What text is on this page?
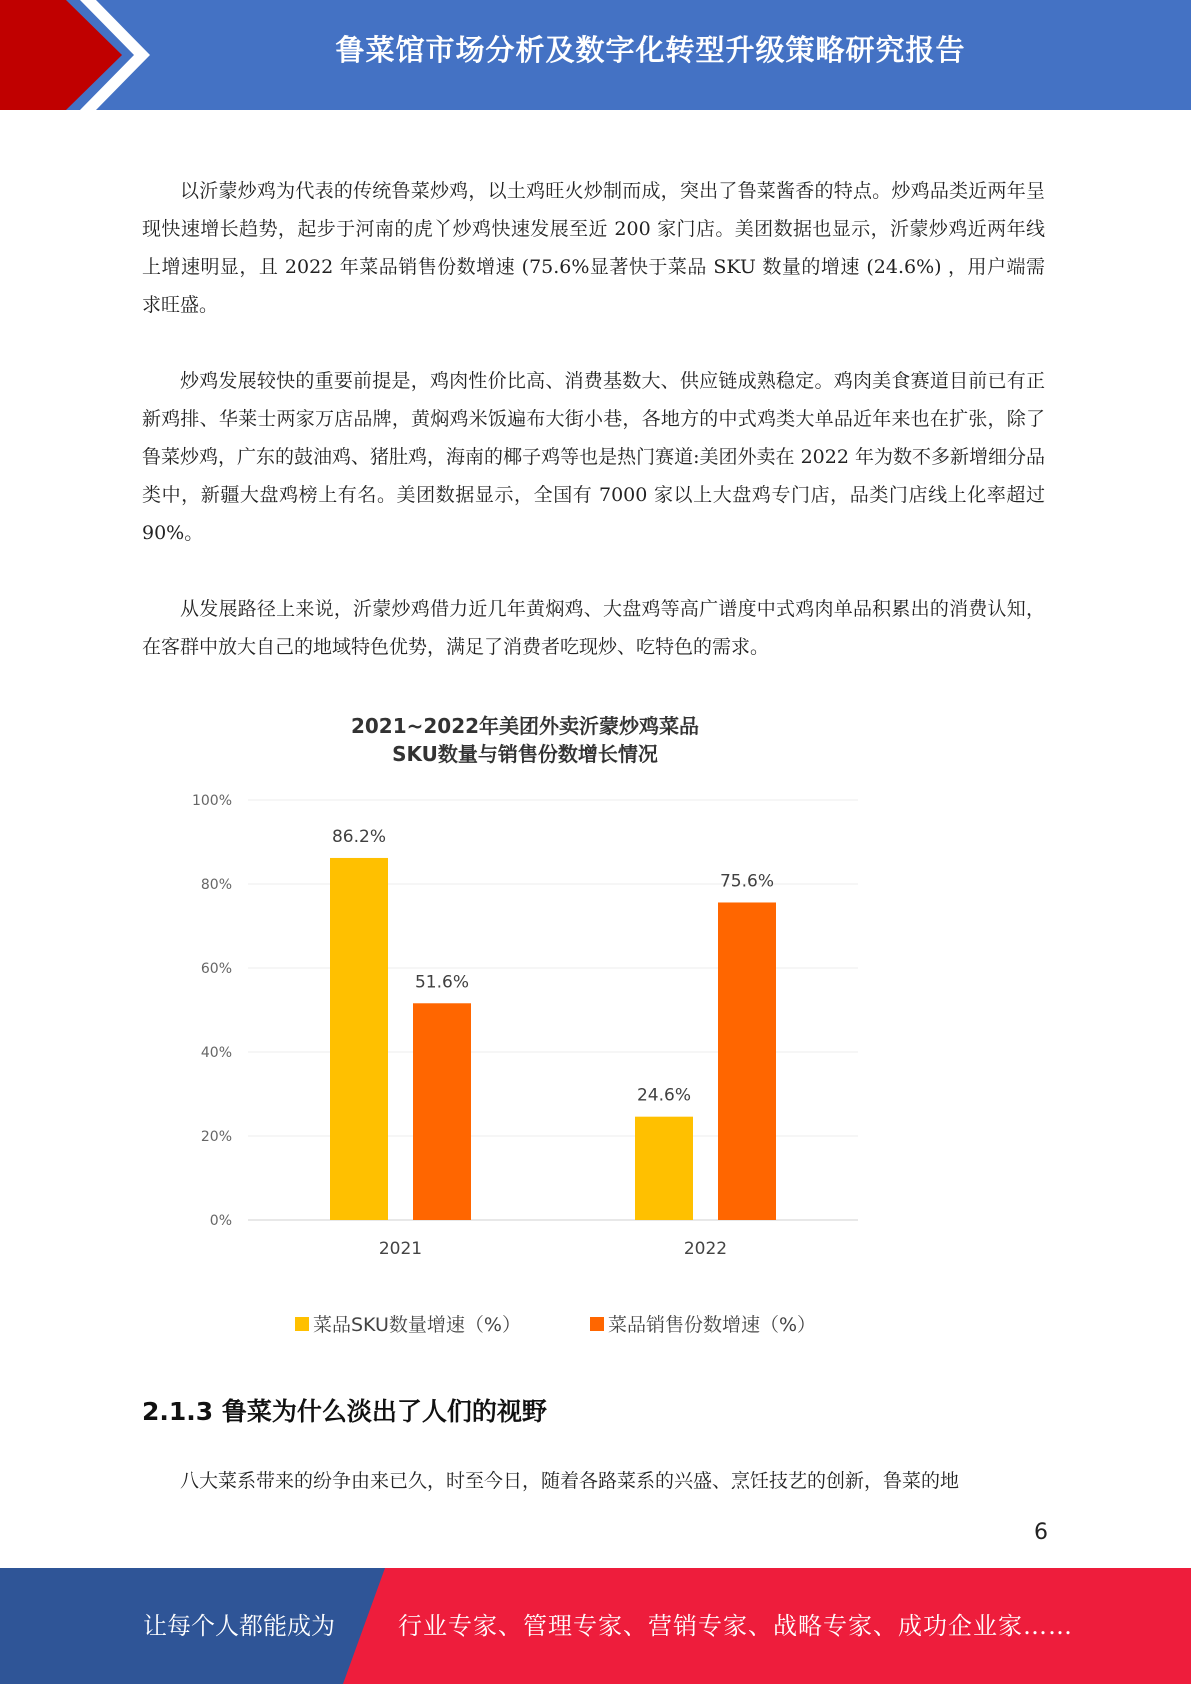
鲁菜馆市场分析及数字化转型升级策略研究报告

以沂蒙炒鸡为代表的传统鲁菜炒鸡，以土鸡旺火炒制而成，突出了鲁菜酱香的特点。炒鸡品类近两年呈现快速增长趋势，起步于河南的虎丫炒鸡快速发展至近 200 家门店。美团数据也显示，沂蒙炒鸡近两年线上增速明显，且 2022 年菜品销售份数增速 (75.6%显著快于菜品 SKU 数量的增速 (24.6%) ，用户端需求旺盛。

炒鸡发展较快的重要前提是，鸡肉性价比高、消费基数大、供应链成熟稳定。鸡肉美食赛道目前已有正新鸡排、华莱士两家万店品牌，黄焖鸡米饭遍布大街小巷，各地方的中式鸡类大单品近年来也在扩张，除了鲁菜炒鸡，广东的鼓油鸡、猪肚鸡，海南的椰子鸡等也是热门赛道:美团外卖在 2022 年为数不多新增细分品类中，新疆大盘鸡榜上有名。美团数据显示，全国有 7000 家以上大盘鸡专门店，品类门店线上化率超过 90%。

从发展路径上来说，沂蒙炒鸡借力近几年黄焖鸡、大盘鸡等高广谱度中式鸡肉单品积累出的消费认知，在客群中放大自己的地域特色优势，满足了消费者吃现炒、吃特色的需求。

2021~2022年美团外卖沂蒙炒鸡菜品
SKU数量与销售份数增长情况
0%
20%
40%
60%
80%
100%
86.2%
51.6%
2021
24.6%
75.6%
2022
菜品SKU数量增速（%）	菜品销售份数增速（%）
2.1.3 鲁菜为什么淡出了人们的视野

八大菜系带来的纷争由来已久，时至今日，随着各路菜系的兴盛、烹饪技艺的创新，鲁菜的地

6
让每个人都能成为	行业专家、管理专家、营销专家、战略专家、成功企业家……
